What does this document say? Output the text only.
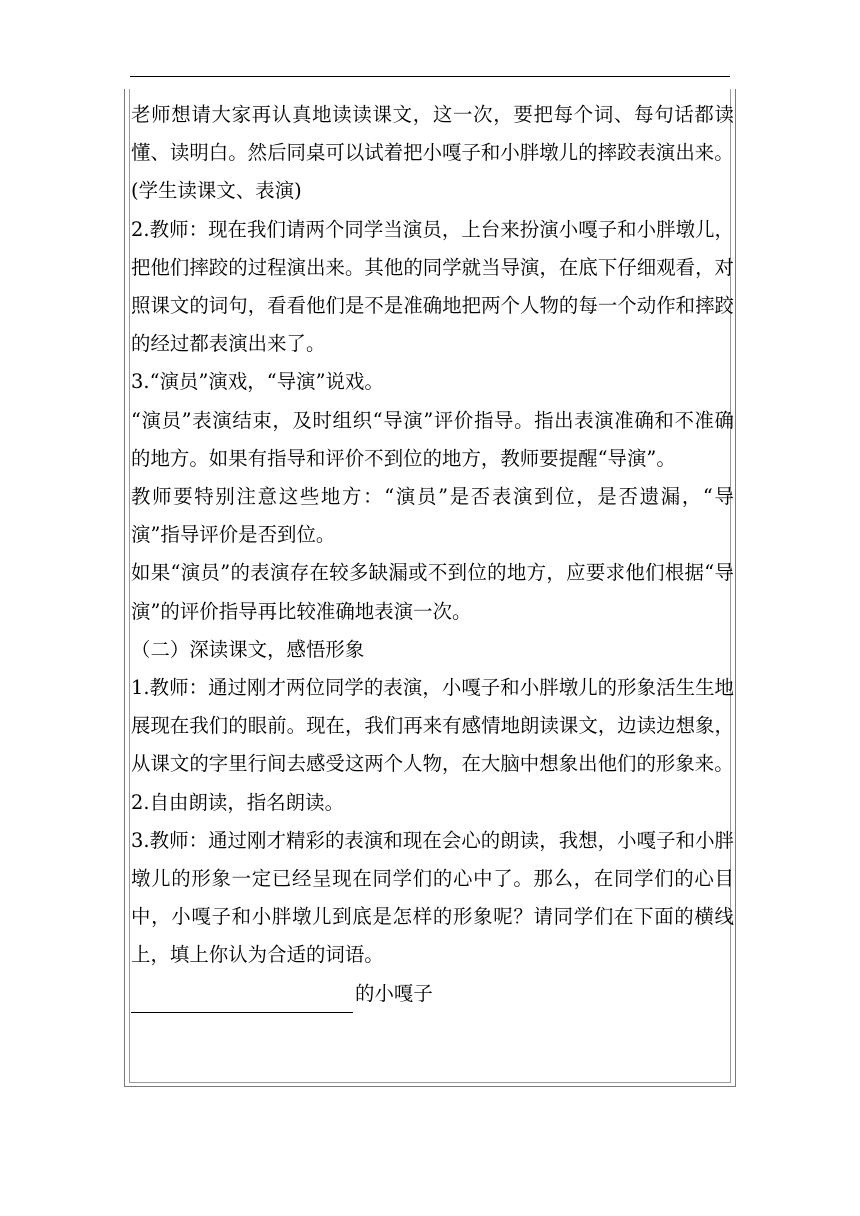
老师想请大家再认真地读读课文，这一次，要把每个词、每句话都读懂、读明白。然后同桌可以试着把小嘎子和小胖墩儿的摔跤表演出来。

(学生读课文、表演)

2.教师：现在我们请两个同学当演员，上台来扮演小嘎子和小胖墩儿，把他们摔跤的过程演出来。其他的同学就当导演，在底下仔细观看，对照课文的词句，看看他们是不是准确地把两个人物的每一个动作和摔跤的经过都表演出来了。

3.“演员”演戏，“导演”说戏。

“演员”表演结束，及时组织“导演”评价指导。指出表演准确和不准确的地方。如果有指导和评价不到位的地方，教师要提醒“导演”。

教师要特别注意这些地方：“演员”是否表演到位，是否遗漏，“导演”指导评价是否到位。

如果“演员”的表演存在较多缺漏或不到位的地方，应要求他们根据“导演”的评价指导再比较准确地表演一次。

（二）深读课文，感悟形象

1.教师：通过刚才两位同学的表演，小嘎子和小胖墩儿的形象活生生地展现在我们的眼前。现在，我们再来有感情地朗读课文，边读边想象，从课文的字里行间去感受这两个人物，在大脑中想象出他们的形象来。

2.自由朗读，指名朗读。

3.教师：通过刚才精彩的表演和现在会心的朗读，我想，小嘎子和小胖墩儿的形象一定已经呈现在同学们的心中了。那么，在同学们的心目中，小嘎子和小胖墩儿到底是怎样的形象呢？请同学们在下面的横线上，填上你认为合适的词语。

的小嘎子
